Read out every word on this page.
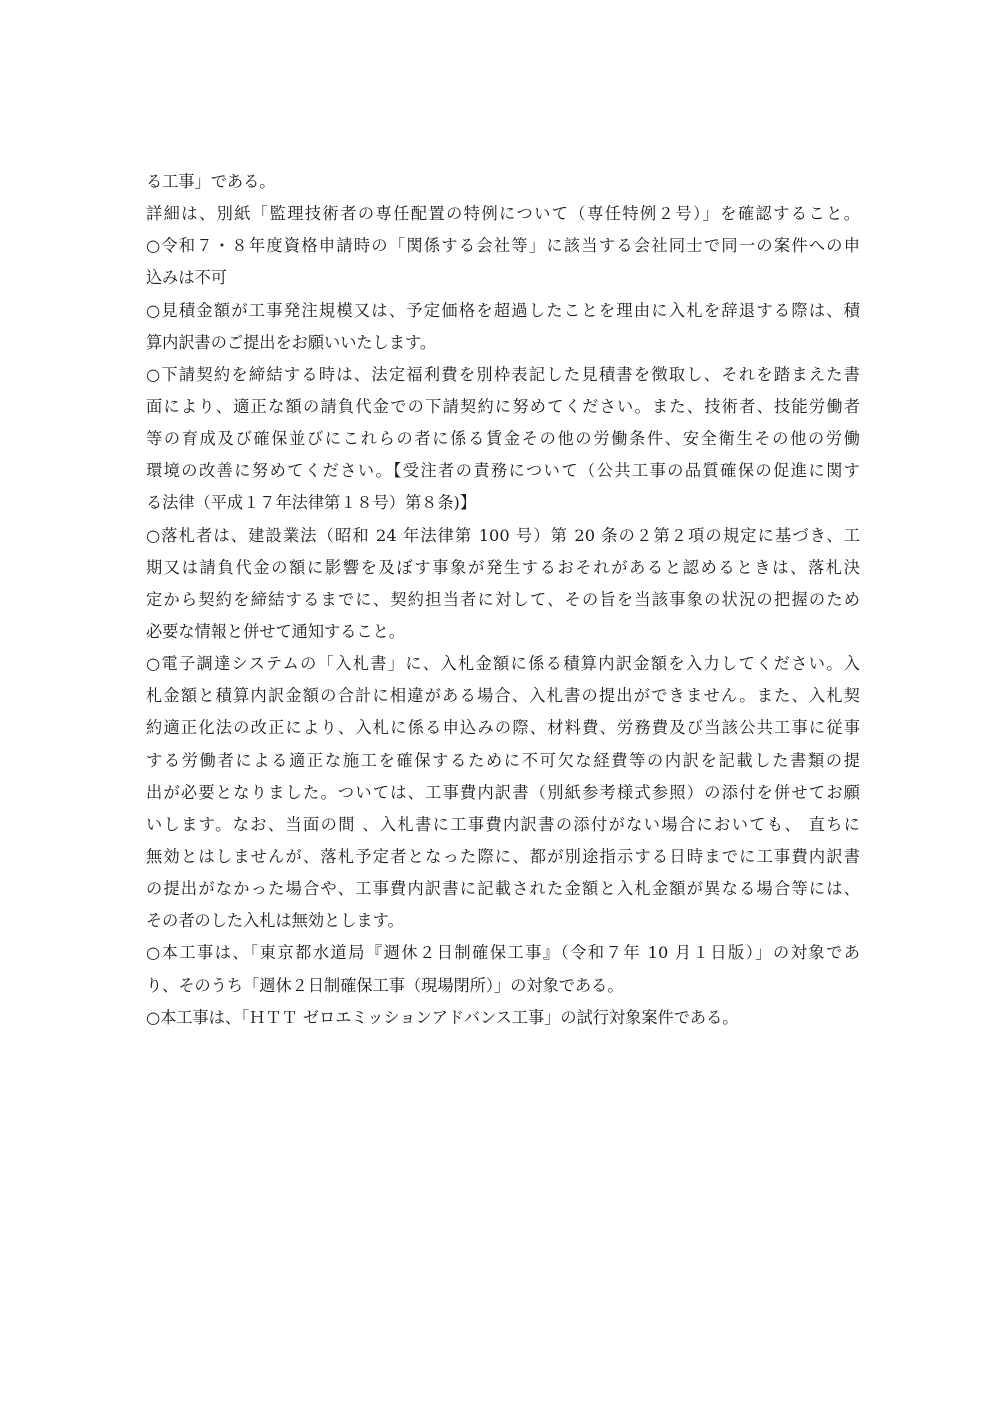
る工事」である。
詳細は、別紙「監理技術者の専任配置の特例について（専任特例２号）」を確認すること。
○令和７・８年度資格申請時の「関係する会社等」に該当する会社同士で同一の案件への申
込みは不可
○見積金額が工事発注規模又は、予定価格を超過したことを理由に入札を辞退する際は、積
算内訳書のご提出をお願いいたします。
○下請契約を締結する時は、法定福利費を別枠表記した見積書を徴取し、それを踏まえた書
面により、適正な額の請負代金での下請契約に努めてください。また、技術者、技能労働者
等の育成及び確保並びにこれらの者に係る賃金その他の労働条件、安全衛生その他の労働
環境の改善に努めてください。【受注者の責務について（公共工事の品質確保の促進に関す
る法律（平成１７年法律第１８号）第８条)】
○落札者は、建設業法（昭和 24 年法律第 100 号）第 20 条の２第２項の規定に基づき、工
期又は請負代金の額に影響を及ぼす事象が発生するおそれがあると認めるときは、落札決
定から契約を締結するまでに、契約担当者に対して、その旨を当該事象の状況の把握のため
必要な情報と併せて通知すること。
○電子調達システムの「入札書」に、入札金額に係る積算内訳金額を入力してください。入
札金額と積算内訳金額の合計に相違がある場合、入札書の提出ができません。また、入札契
約適正化法の改正により、入札に係る申込みの際、材料費、労務費及び当該公共工事に従事
する労働者による適正な施工を確保するために不可欠な経費等の内訳を記載した書類の提
出が必要となりました。ついては、工事費内訳書（別紙参考様式参照）の添付を併せてお願
いします。なお、当面の間 、入札書に工事費内訳書の添付がない場合においても、 直ちに
無効とはしませんが、落札予定者となった際に、都が別途指示する日時までに工事費内訳書
の提出がなかった場合や、工事費内訳書に記載された金額と入札金額が異なる場合等には、
その者のした入札は無効とします。
○本工事は、「東京都水道局『週休２日制確保工事』（令和７年 10 月１日版）」の対象であ
り、そのうち「週休２日制確保工事（現場閉所）」の対象である。
○本工事は、「ＨＴＴ ゼロエミッションアドバンス工事」の試行対象案件である。
